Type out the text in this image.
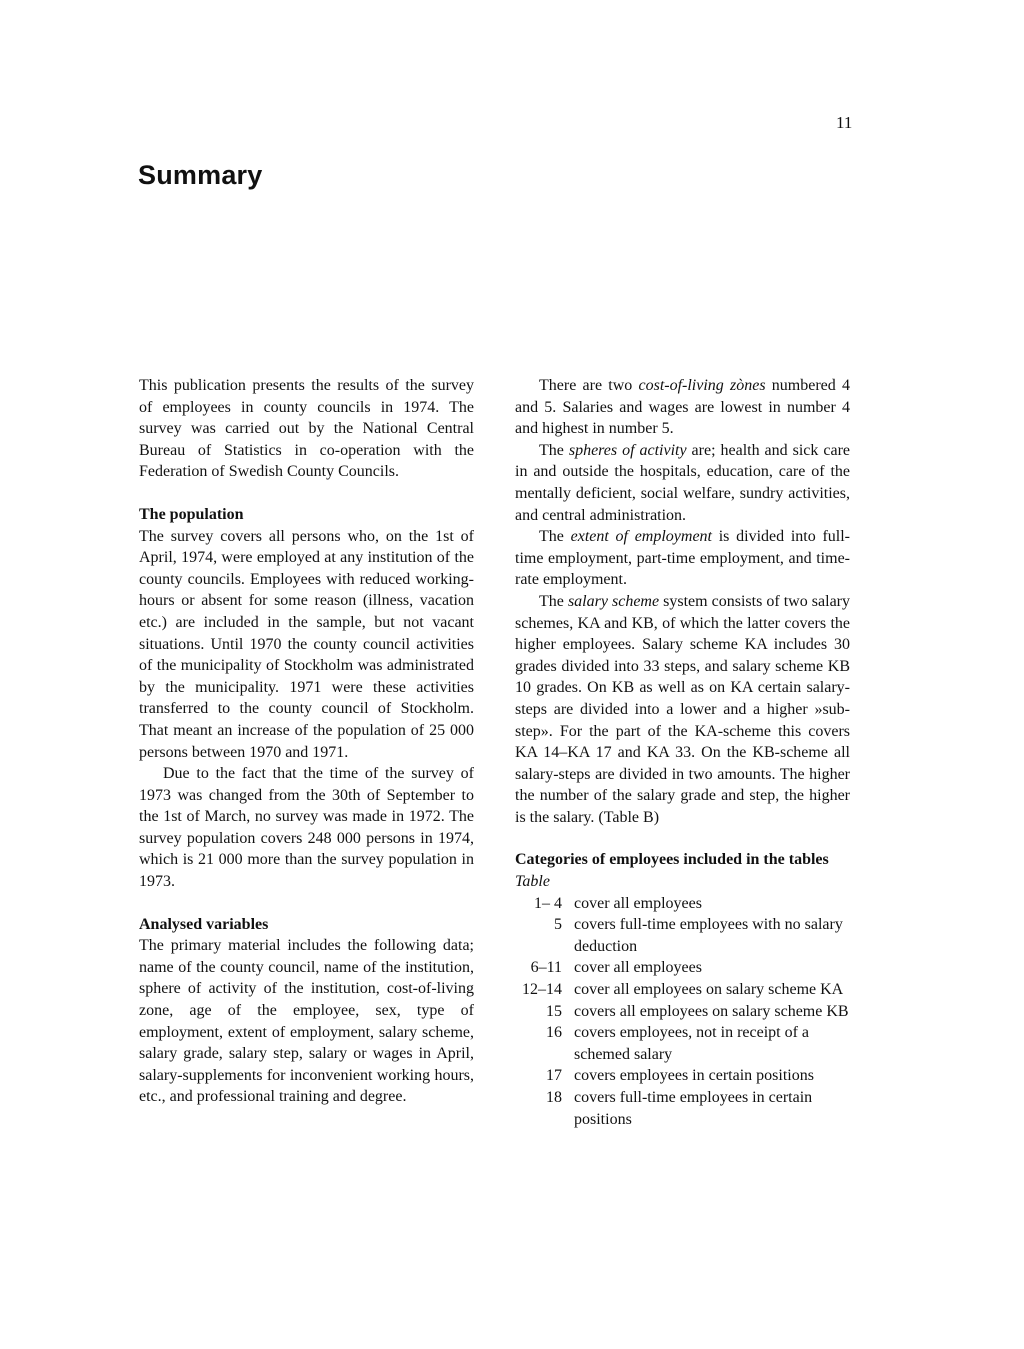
11
Summary

This publication presents the results of the survey of employees in county councils in 1974. The survey was carried out by the National Central Bureau of Statistics in co-operation with the Federation of Swedish County Councils.

The population

The survey covers all persons who, on the 1st of April, 1974, were employed at any institution of the county councils. Employees with reduced working-hours or absent for some reason (illness, vacation etc.) are included in the sample, but not vacant situations. Until 1970 the county council activities of the municipality of Stockholm was administrated by the municipality. 1971 were these activities transferred to the county council of Stockholm. That meant an increase of the population of 25 000 persons between 1970 and 1971.

Due to the fact that the time of the survey of 1973 was changed from the 30th of September to the 1st of March, no survey was made in 1972. The survey population covers 248 000 persons in 1974, which is 21 000 more than the survey population in 1973.

Analysed variables

The primary material includes the following data; name of the county council, name of the institution, sphere of activity of the institution, cost-of-living zone, age of the employee, sex, type of employment, extent of employment, salary scheme, salary grade, salary step, salary or wages in April, salary-supplements for inconvenient working hours, etc., and professional training and degree.

There are two cost-of-living zònes numbered 4 and 5. Salaries and wages are lowest in number 4 and highest in number 5.

The spheres of activity are; health and sick care in and outside the hospitals, education, care of the mentally deficient, social welfare, sundry activities, and central administration.

The extent of employment is divided into full-time employment, part-time employment, and time-rate employment.

The salary scheme system consists of two salary schemes, KA and KB, of which the latter covers the higher employees. Salary scheme KA includes 30 grades divided into 33 steps, and salary scheme KB 10 grades. On KB as well as on KA certain salary-steps are divided into a lower and a higher »sub-step». For the part of the KA-scheme this covers KA 14–KA 17 and KA 33. On the KB-scheme all salary-steps are divided in two amounts. The higher the number of the salary grade and step, the higher is the salary. (Table B)

Categories of employees included in the tables

Table

1– 4	cover all employees
5	covers full-time employees with no salary deduction
6–11	cover all employees
12–14	cover all employees on salary scheme KA
15	covers all employees on salary scheme KB
16	covers employees, not in receipt of a schemed salary
17	covers employees in certain positions
18	covers full-time employees in certain positions
